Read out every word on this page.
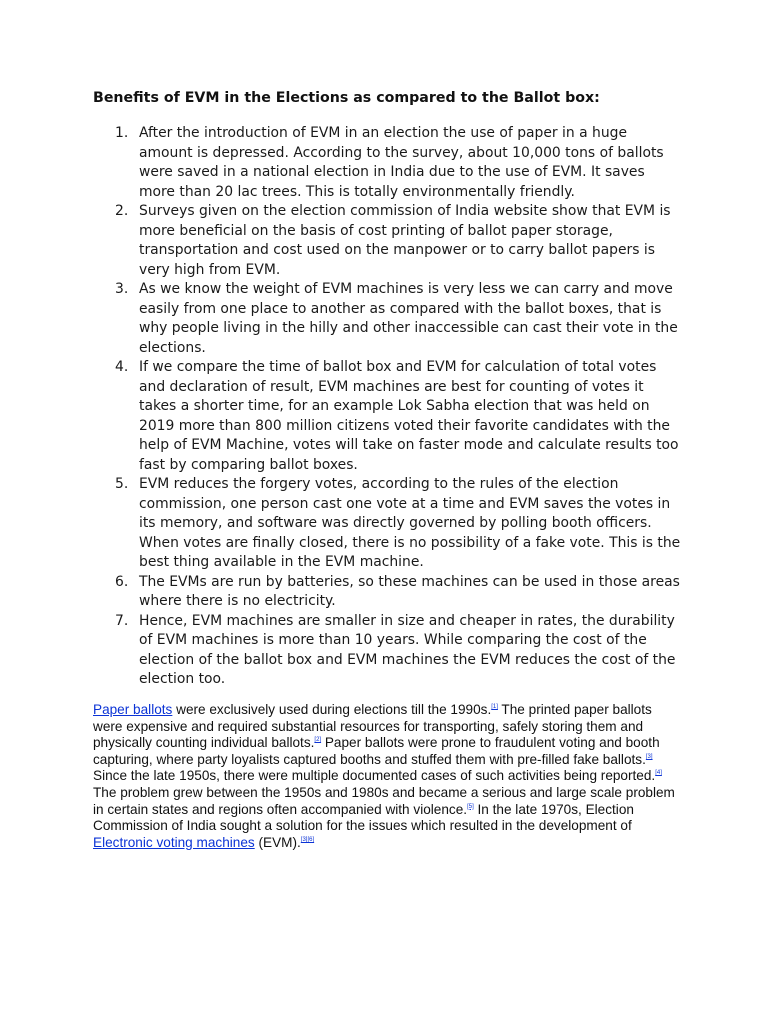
Benefits of EVM in the Elections as compared to the Ballot box:

1. After the introduction of EVM in an election the use of paper in a huge amount is depressed. According to the survey, about 10,000 tons of ballots were saved in a national election in India due to the use of EVM. It saves more than 20 lac trees. This is totally environmentally friendly.
2. Surveys given on the election commission of India website show that EVM is more beneficial on the basis of cost printing of ballot paper storage, transportation and cost used on the manpower or to carry ballot papers is very high from EVM.
3. As we know the weight of EVM machines is very less we can carry and move easily from one place to another as compared with the ballot boxes, that is why people living in the hilly and other inaccessible can cast their vote in the elections.
4. If we compare the time of ballot box and EVM for calculation of total votes and declaration of result, EVM machines are best for counting of votes it takes a shorter time, for an example Lok Sabha election that was held on 2019 more than 800 million citizens voted their favorite candidates with the help of EVM Machine, votes will take on faster mode and calculate results too fast by comparing ballot boxes.
5. EVM reduces the forgery votes, according to the rules of the election commission, one person cast one vote at a time and EVM saves the votes in its memory, and software was directly governed by polling booth officers. When votes are finally closed, there is no possibility of a fake vote. This is the best thing available in the EVM machine.
6. The EVMs are run by batteries, so these machines can be used in those areas where there is no electricity.
7. Hence, EVM machines are smaller in size and cheaper in rates, the durability of EVM machines is more than 10 years. While comparing the cost of the election of the ballot box and EVM machines the EVM reduces the cost of the election too.

Paper ballots were exclusively used during elections till the 1990s.[1] The printed paper ballots were expensive and required substantial resources for transporting, safely storing them and physically counting individual ballots.[2] Paper ballots were prone to fraudulent voting and booth capturing, where party loyalists captured booths and stuffed them with pre-filled fake ballots.[3] Since the late 1950s, there were multiple documented cases of such activities being reported.[4] The problem grew between the 1950s and 1980s and became a serious and large scale problem in certain states and regions often accompanied with violence.[5] In the late 1970s, Election Commission of India sought a solution for the issues which resulted in the development of Electronic voting machines (EVM).[3][6]
